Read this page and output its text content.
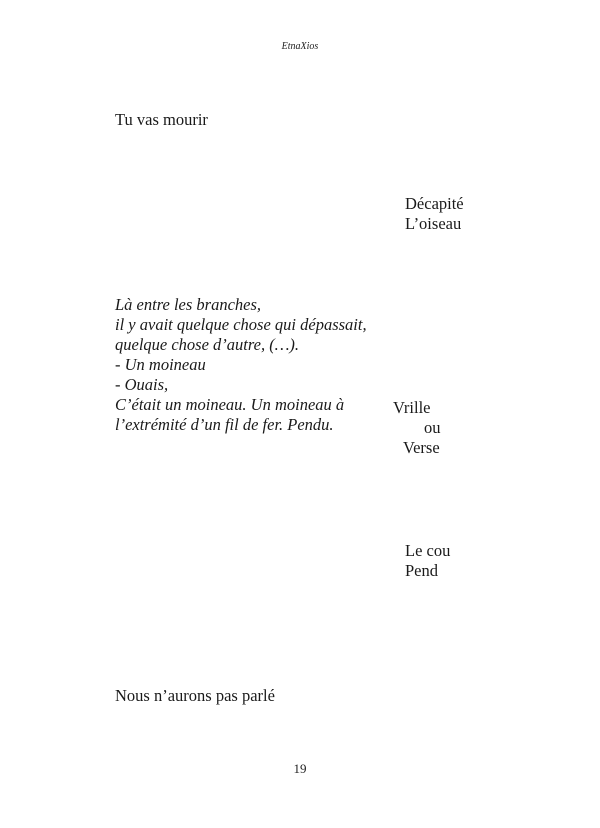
EtnaXios
Tu vas mourir
Décapité
L’oiseau
Là entre les branches,
il y avait quelque chose qui dépassait,
quelque chose d’autre, (…).
- Un moineau
- Ouais,
C’était un moineau. Un moineau à
l’extrémité d’un fil de fer. Pendu.
Vrille
ou
Verse
Le cou
Pend
Nous n’aurons pas parlé
19
